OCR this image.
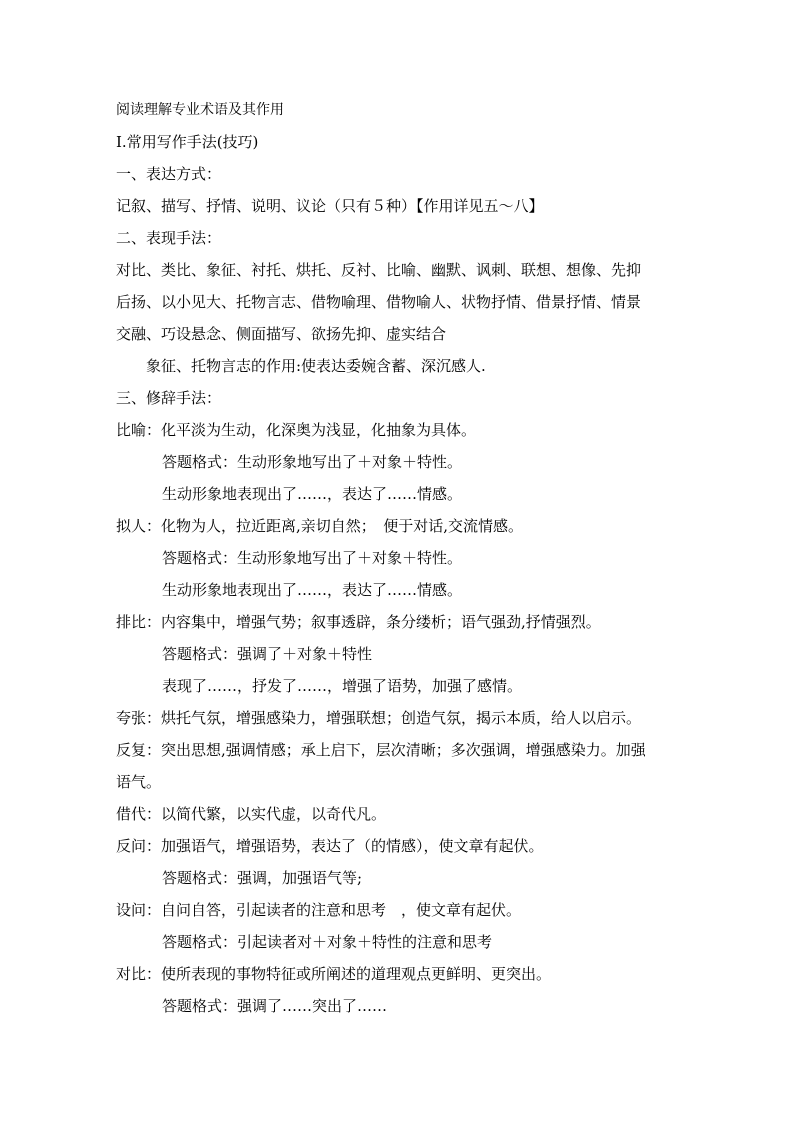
阅读理解专业术语及其作用
Ⅰ.常用写作手法(技巧)
一、表达方式：
记叙、描写、抒情、说明、议论（只有５种）【作用详见五～八】
二、表现手法：
对比、类比、象征、衬托、烘托、反衬、比喻、幽默、讽刺、联想、想像、先抑
后扬、以小见大、托物言志、借物喻理、借物喻人、状物抒情、借景抒情、情景
交融、巧设悬念、侧面描写、欲扬先抑、虚实结合
象征、托物言志的作用:使表达委婉含蓄、深沉感人.
三、修辞手法：
比喻：化平淡为生动，化深奥为浅显，化抽象为具体。
答题格式：生动形象地写出了＋对象＋特性。
生动形象地表现出了……，表达了……情感。
拟人：化物为人，拉近距离,亲切自然；　便于对话,交流情感。
答题格式：生动形象地写出了＋对象＋特性。
生动形象地表现出了……，表达了……情感。
排比：内容集中，增强气势；叙事透辟，条分缕析；语气强劲,抒情强烈。
答题格式：强调了＋对象＋特性
表现了……，抒发了……，增强了语势，加强了感情。
夸张：烘托气氛，增强感染力，增强联想；创造气氛，揭示本质，给人以启示。
反复：突出思想,强调情感；承上启下，层次清晰；多次强调，增强感染力。加强
语气。
借代：以简代繁，以实代虚，以奇代凡。
反问：加强语气，增强语势，表达了（的情感），使文章有起伏。
答题格式：强调，加强语气等;
设问：自问自答，引起读者的注意和思考　，使文章有起伏。
答题格式：引起读者对＋对象＋特性的注意和思考
对比：使所表现的事物特征或所阐述的道理观点更鲜明、更突出。
答题格式：强调了……突出了……
